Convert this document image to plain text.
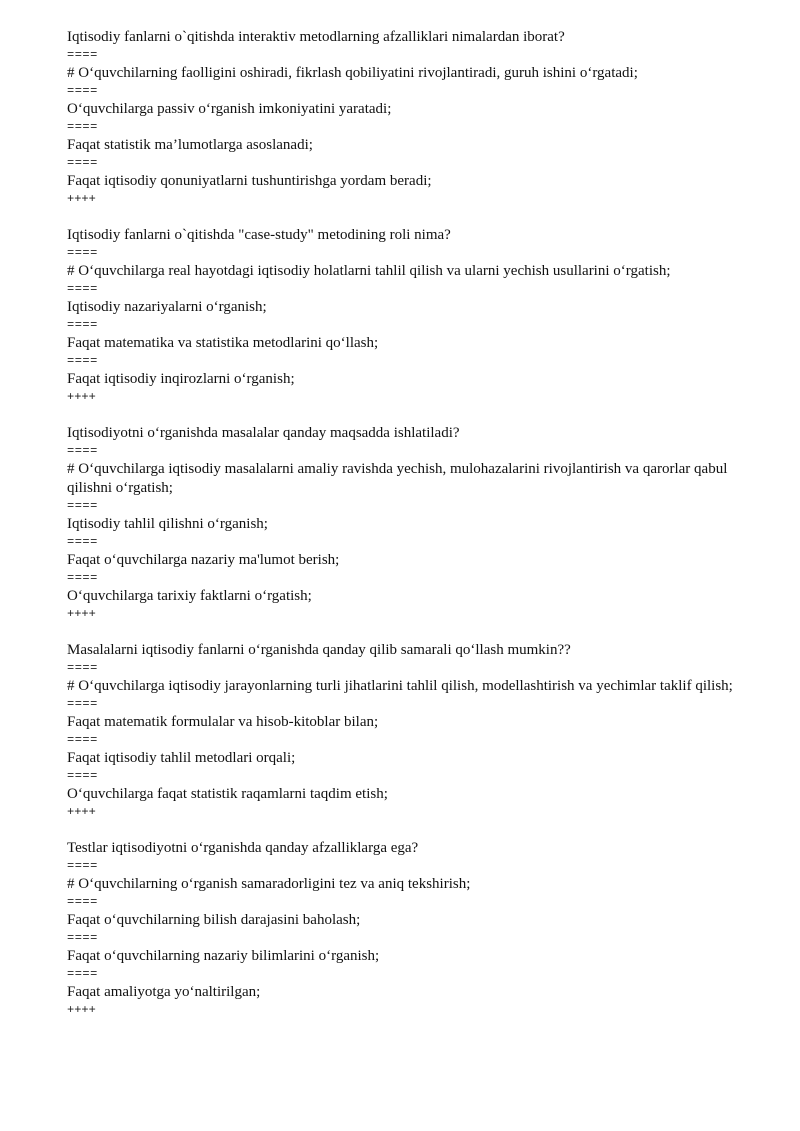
Iqtisodiy fanlarni o`qitishda interaktiv metodlarning afzalliklari nimalardan iborat?

====

# O‘quvchilarning faolligini oshiradi, fikrlash qobiliyatini rivojlantiradi, guruh ishini o‘rgatadi;

====

O‘quvchilarga passiv o‘rganish imkoniyatini yaratadi;

====

Faqat statistik ma’lumotlarga asoslanadi;

====

Faqat iqtisodiy qonuniyatlarni tushuntirishga yordam beradi;

++++

Iqtisodiy fanlarni o`qitishda "case-study" metodining roli nima?

====

# O‘quvchilarga real hayotdagi iqtisodiy holatlarni tahlil qilish va ularni yechish usullarini o‘rgatish;

====

Iqtisodiy nazariyalarni o‘rganish;

====

Faqat matematika va statistika metodlarini qo‘llash;

====

Faqat iqtisodiy inqirozlarni o‘rganish;

++++

Iqtisodiyotni o‘rganishda masalalar qanday maqsadda ishlatiladi?

====

# O‘quvchilarga iqtisodiy masalalarni amaliy ravishda yechish, mulohazalarini rivojlantirish va qarorlar qabul qilishni o‘rgatish;

====

Iqtisodiy tahlil qilishni o‘rganish;

====

Faqat o‘quvchilarga nazariy ma'lumot berish;

====

O‘quvchilarga tarixiy faktlarni o‘rgatish;

++++

Masalalarni iqtisodiy fanlarni o‘rganishda qanday qilib samarali qo‘llash mumkin??

====

# O‘quvchilarga iqtisodiy jarayonlarning turli jihatlarini tahlil qilish, modellashtirish va yechimlar taklif qilish;

====

Faqat matematik formulalar va hisob-kitoblar bilan;

====

Faqat iqtisodiy tahlil metodlari orqali;

====

O‘quvchilarga faqat statistik raqamlarni taqdim etish;

++++

Testlar iqtisodiyotni o‘rganishda qanday afzalliklarga ega?

====

# O‘quvchilarning o‘rganish samaradorligini tez va aniq tekshirish;

====

Faqat o‘quvchilarning bilish darajasini baholash;

====

Faqat o‘quvchilarning nazariy bilimlarini o‘rganish;

====

Faqat amaliyotga yo‘naltirilgan;

++++
